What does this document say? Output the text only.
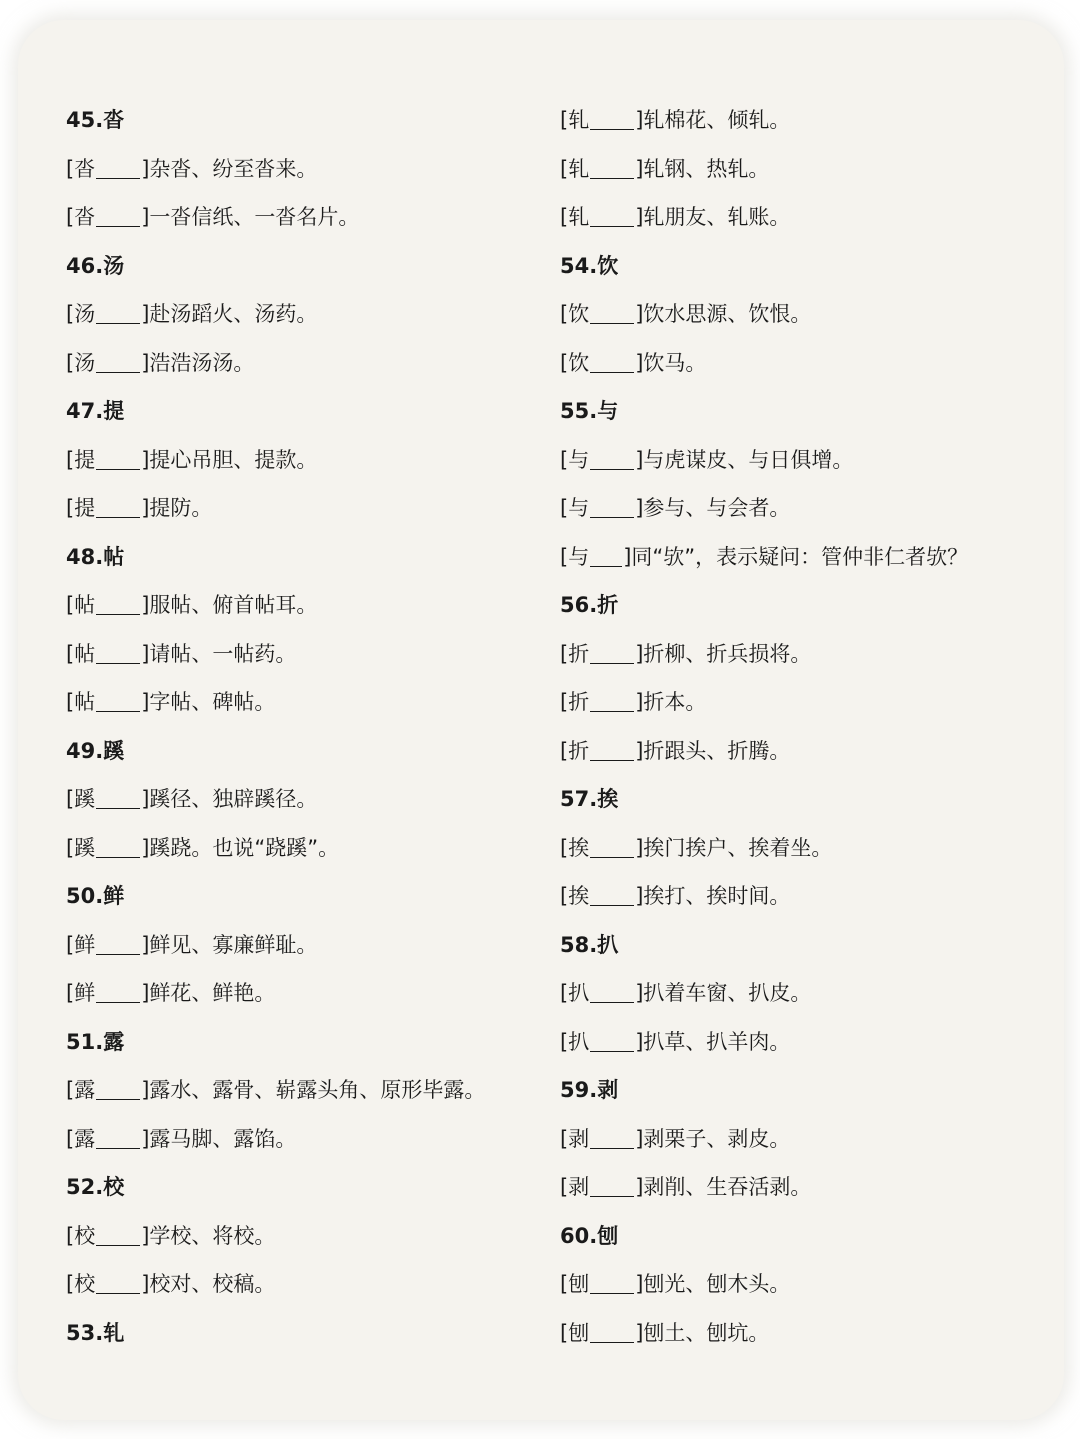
45.沓
[沓 ]杂沓、纷至沓来。
[沓 ]一沓信纸、一沓名片。
46.汤
[汤 ]赴汤蹈火、汤药。
[汤 ]浩浩汤汤。
47.提
[提 ]提心吊胆、提款。
[提 ]提防。
48.帖
[帖 ]服帖、俯首帖耳。
[帖 ]请帖、一帖药。
[帖 ]字帖、碑帖。
49.蹊
[蹊 ]蹊径、独辟蹊径。
[蹊 ]蹊跷。也说“跷蹊”。
50.鲜
[鲜 ]鲜见、寡廉鲜耻。
[鲜 ]鲜花、鲜艳。
51.露
[露 ]露水、露骨、崭露头角、原形毕露。
[露 ]露马脚、露馅。
52.校
[校 ]学校、将校。
[校 ]校对、校稿。
53.轧
[轧 ]轧棉花、倾轧。
[轧 ]轧钢、热轧。
[轧 ]轧朋友、轧账。
54.饮
[饮 ]饮水思源、饮恨。
[饮 ]饮马。
55.与
[与 ]与虎谋皮、与日俱增。
[与 ]参与、与会者。
[与 ]同“欤”，表示疑问：管仲非仁者欤？
56.折
[折 ]折柳、折兵损将。
[折 ]折本。
[折 ]折跟头、折腾。
57.挨
[挨 ]挨门挨户、挨着坐。
[挨 ]挨打、挨时间。
58.扒
[扒 ]扒着车窗、扒皮。
[扒 ]扒草、扒羊肉。
59.剥
[剥 ]剥栗子、剥皮。
[剥 ]剥削、生吞活剥。
60.刨
[刨 ]刨光、刨木头。
[刨 ]刨土、刨坑。
